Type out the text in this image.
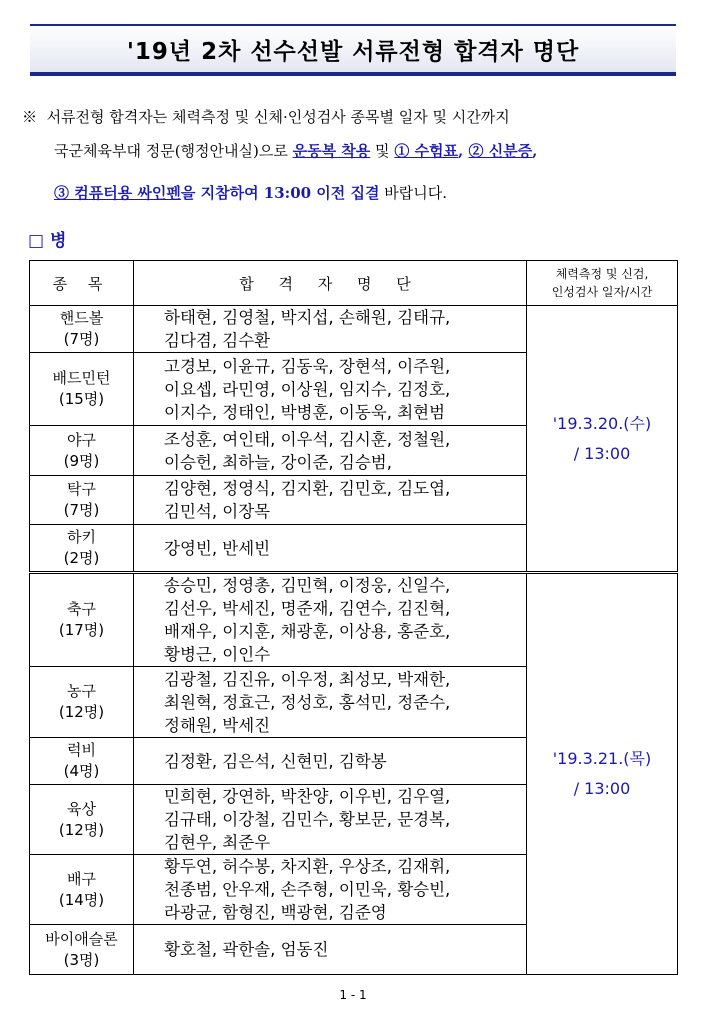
'19년 2차 선수선발 서류전형 합격자 명단
※ 서류전형 합격자는 체력측정 및 신체·인성검사 종목별 일자 및 시간까지
국군체육부대 정문(행정안내실)으로 운동복 착용 및 ① 수험표, ② 신분증,
③ 컴퓨터용 싸인펜을 지참하여 13:00 이전 집결 바랍니다.
□ 병
종 목	합 격 자 명 단	체력측정 및 신검,
인성검사 일자/시간
핸드볼
(7명)	하태현, 김영철, 박지섭, 손해원, 김태규,
김다겸, 김수환	'19.3.20.(수)
/ 13:00
배드민턴
(15명)	고경보, 이윤규, 김동욱, 장현석, 이주원,
이요셉, 라민영, 이상원, 임지수, 김정호,
이지수, 정태인, 박병훈, 이동욱, 최현범	
야구
(9명)	조성훈, 여인태, 이우석, 김시훈, 정철원,
이승헌, 최하늘, 강이준, 김승범,	
탁구
(7명)	김양현, 정영식, 김지환, 김민호, 김도엽,
김민석, 이장목	
하키
(2명)	강영빈, 반세빈	
축구
(17명)	송승민, 정영총, 김민혁, 이정웅, 신일수,
김선우, 박세진, 명준재, 김연수, 김진혁,
배재우, 이지훈, 채광훈, 이상용, 홍준호,
황병근, 이인수	'19.3.21.(목)
/ 13:00
농구
(12명)	김광철, 김진유, 이우정, 최성모, 박재한,
최원혁, 정효근, 정성호, 홍석민, 정준수,
정해원, 박세진	
럭비
(4명)	김정환, 김은석, 신현민, 김학봉	
육상
(12명)	민희현, 강연하, 박찬양, 이우빈, 김우열,
김규태, 이강철, 김민수, 황보문, 문경복,
김현우, 최준우	
배구
(14명)	황두연, 허수봉, 차지환, 우상조, 김재휘,
천종범, 안우재, 손주형, 이민욱, 황승빈,
라광균, 함형진, 백광현, 김준영	
바이애슬론
(3명)	황호철, 곽한솔, 엄동진	
1 - 1
